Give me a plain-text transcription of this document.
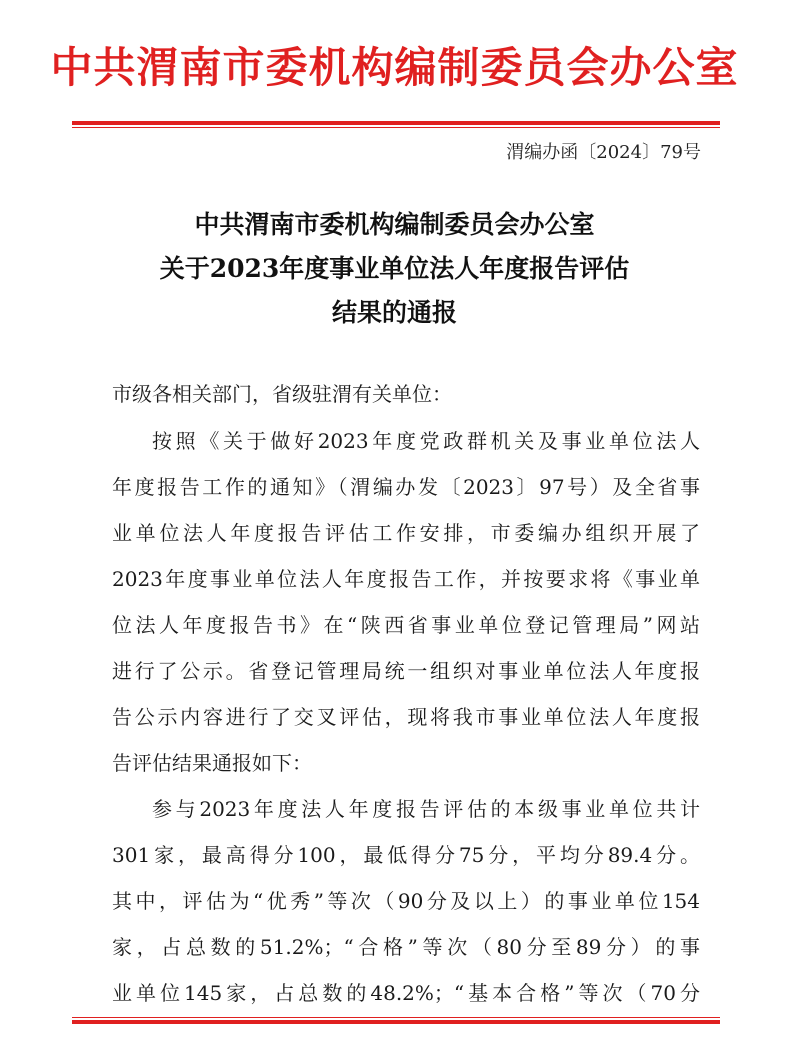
中共渭南市委机构编制委员会办公室
渭编办函〔2024〕79号
中共渭南市委机构编制委员会办公室
关于2023年度事业单位法人年度报告评估
结果的通报
市级各相关部门，省级驻渭有关单位：
按照《关于做好2023年度党政群机关及事业单位法人
年度报告工作的通知》（渭编办发〔2023〕97号）及全省事
业单位法人年度报告评估工作安排，市委编办组织开展了
2023年度事业单位法人年度报告工作，并按要求将《事业单
位法人年度报告书》在“陕西省事业单位登记管理局”网站
进行了公示。省登记管理局统一组织对事业单位法人年度报
告公示内容进行了交叉评估，现将我市事业单位法人年度报
告评估结果通报如下：
参与2023年度法人年度报告评估的本级事业单位共计
301家，最高得分100，最低得分75分，平均分89.4分。
其中，评估为“优秀”等次（90分及以上）的事业单位154
家，占总数的51.2%；“合格”等次（80分至89分）的事
业单位145家，占总数的48.2%；“基本合格”等次（70分
